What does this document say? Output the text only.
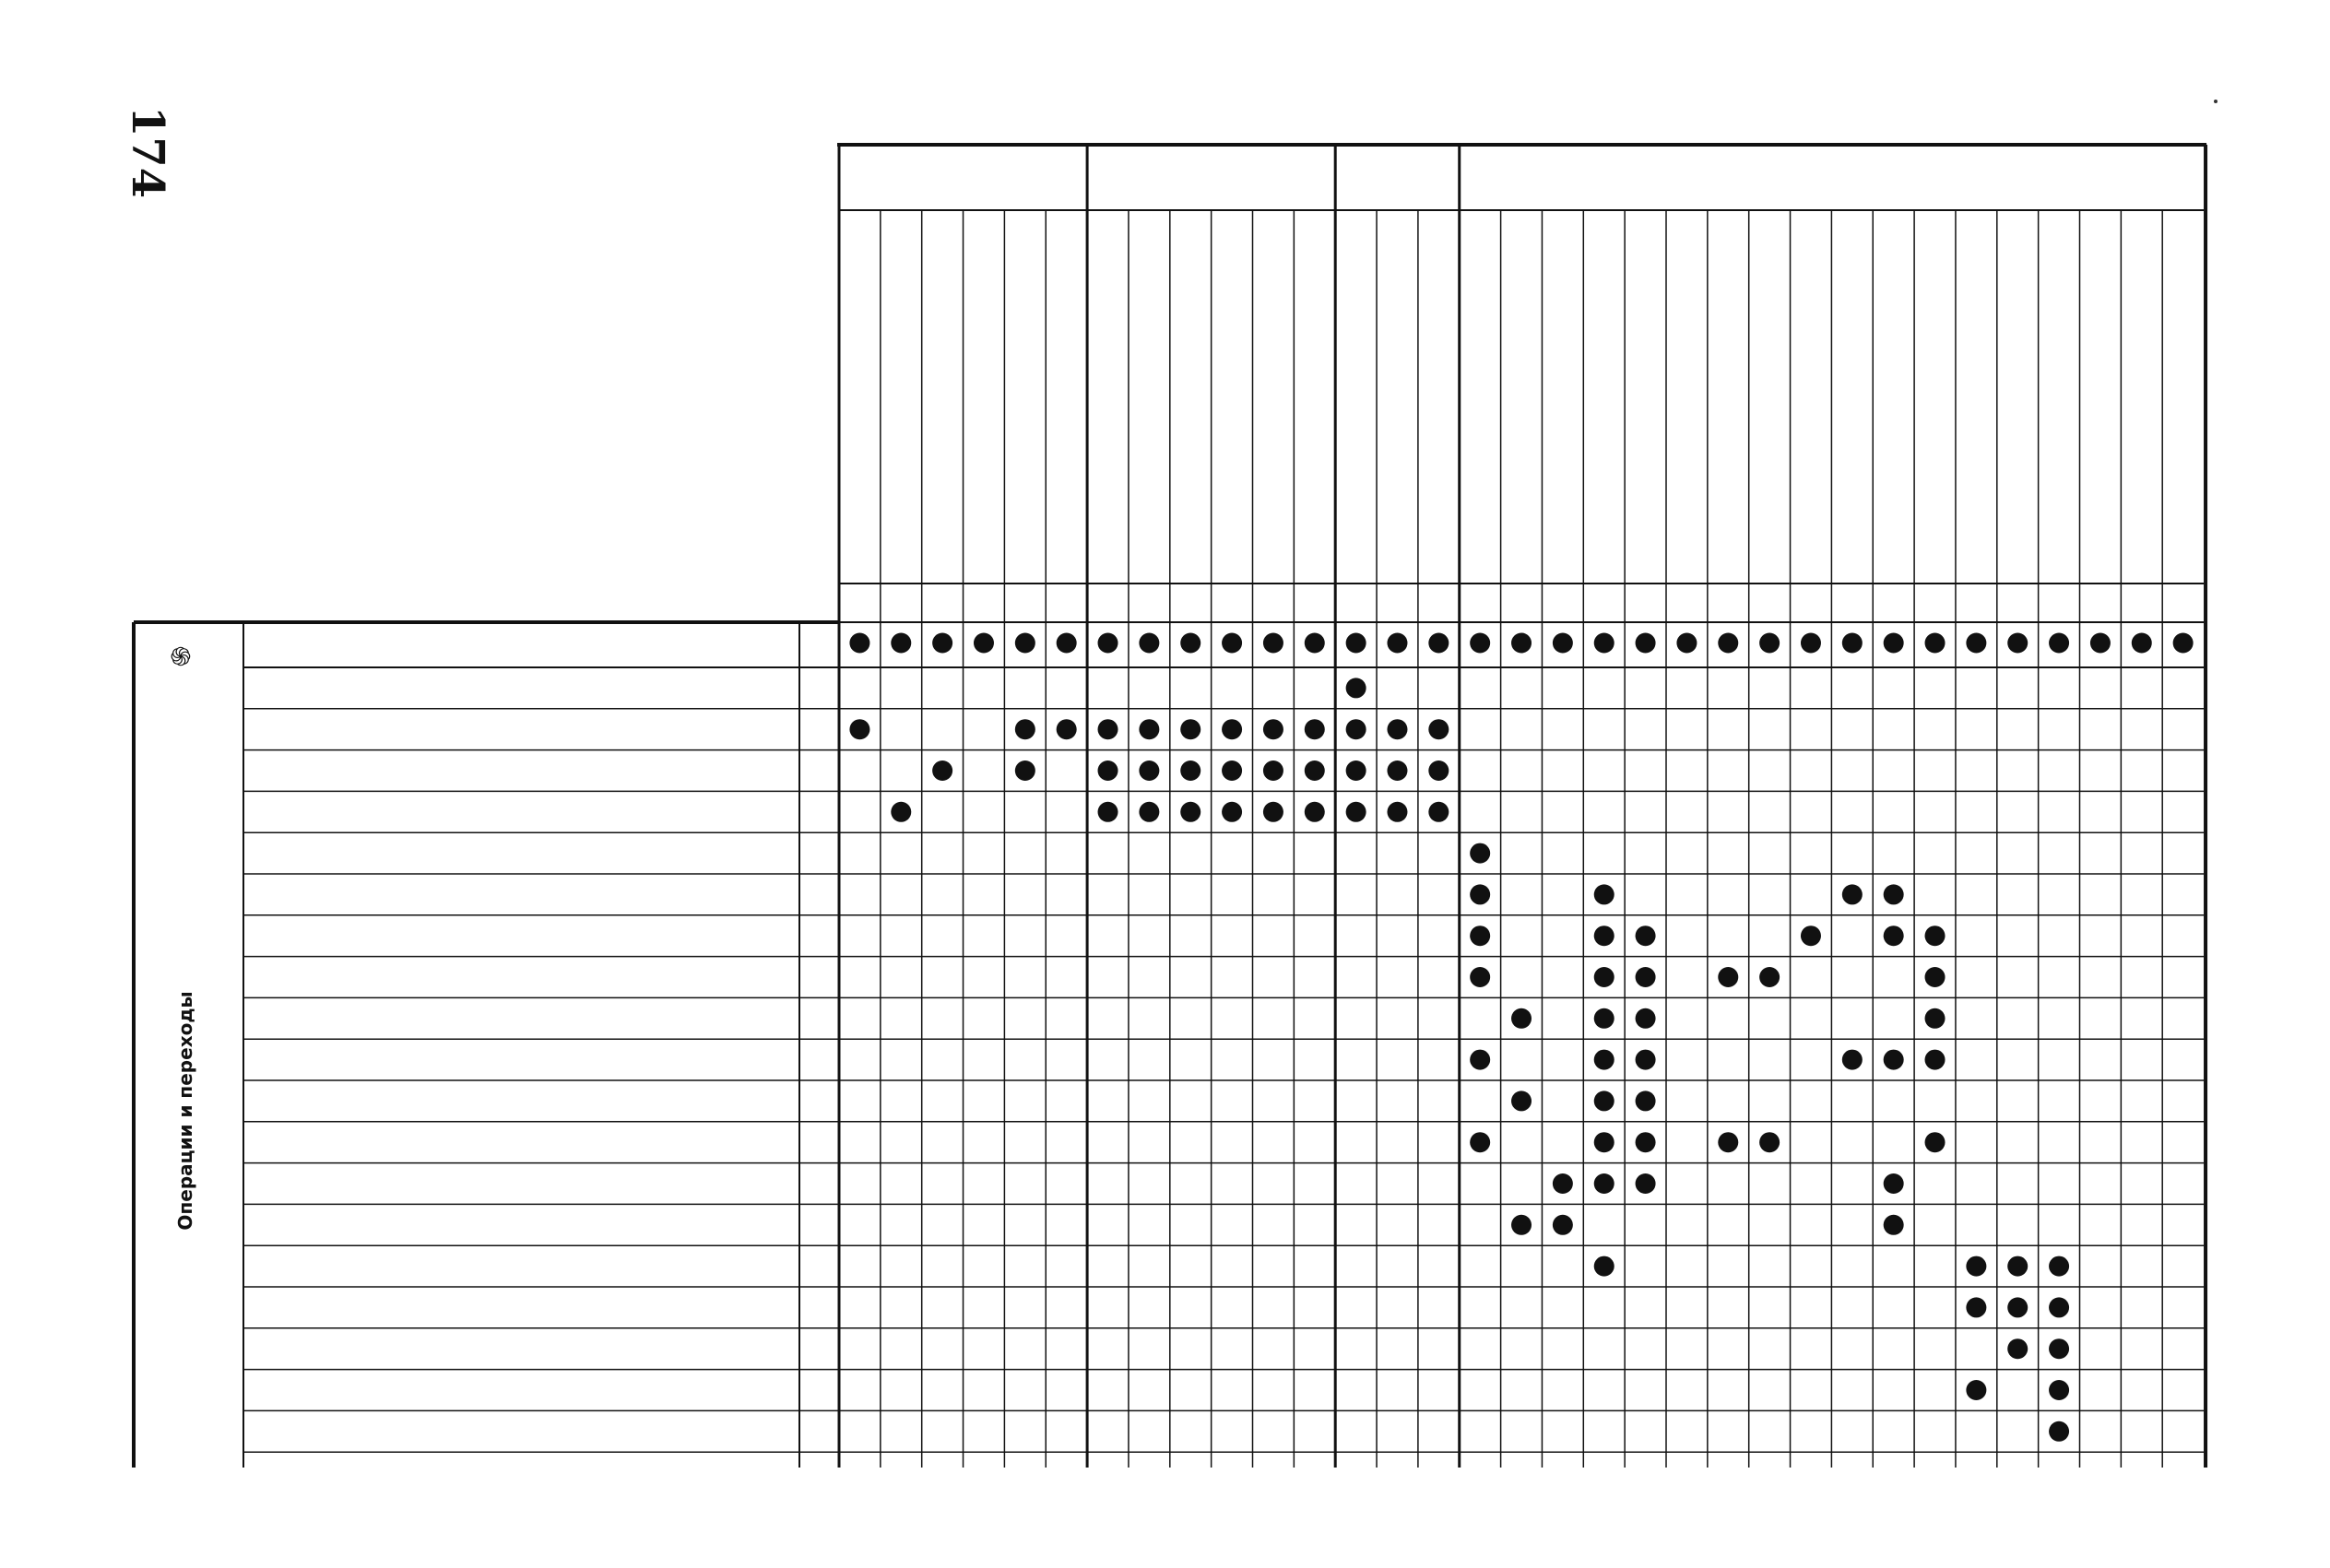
174
Операции и переходы
֍
